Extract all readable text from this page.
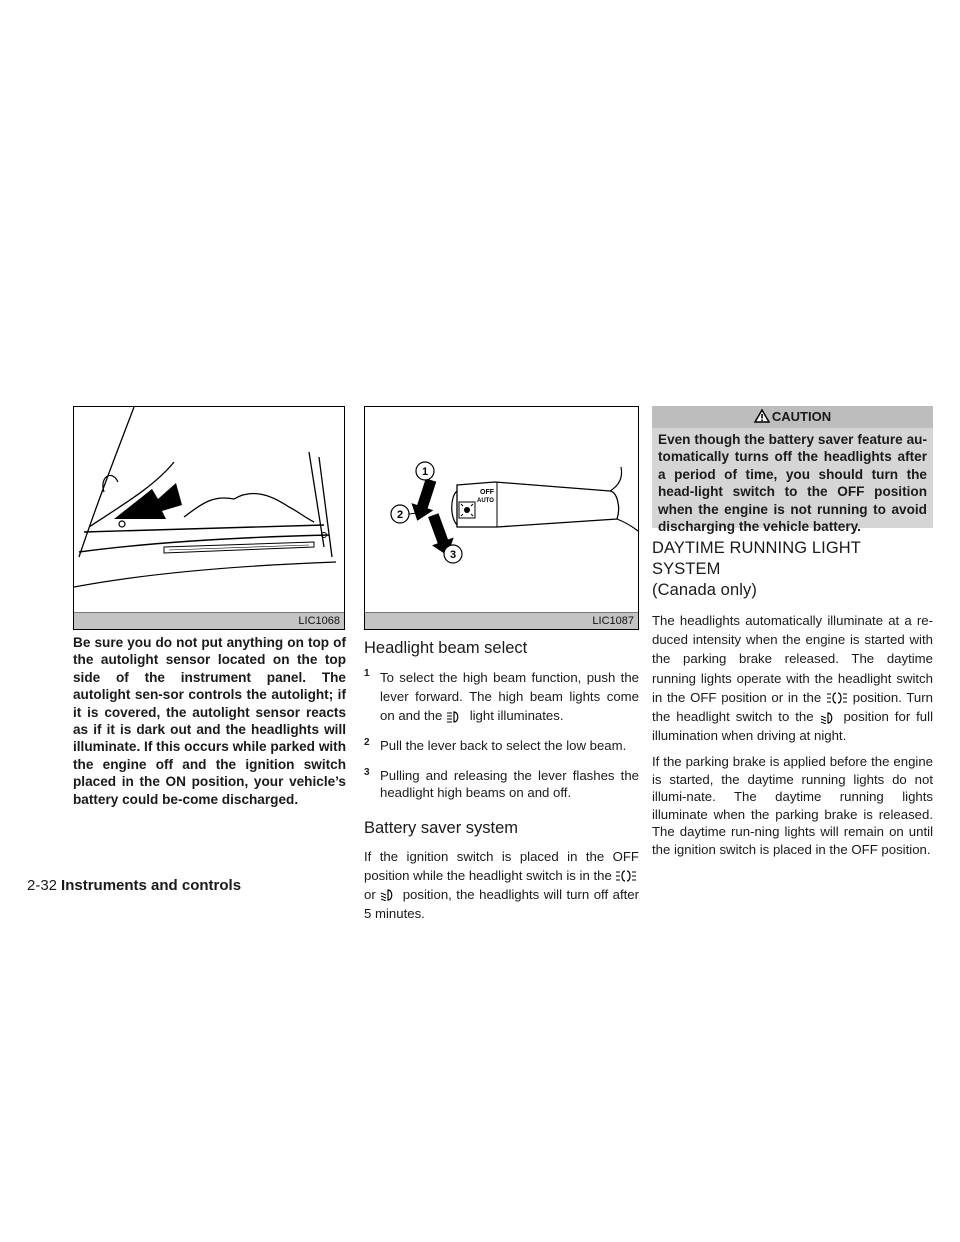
LIC1068
OFF
AUTO
1
2
3
LIC1087

Be sure you do not put anything on top of the autolight sensor located on the top side of the instrument panel. The autolight sen-sor controls the autolight; if it is covered, the autolight sensor reacts as if it is dark out and the headlights will illuminate. If this occurs while parked with the engine off and the ignition switch placed in the ON position, your vehicle’s battery could be-come discharged.

Headlight beam select
1 To select the high beam function, push the lever forward. The high beam lights come on and the light illuminates.
2 Pull the lever back to select the low beam.
3 Pulling and releasing the lever flashes the headlight high beams on and off.
Battery saver system

If the ignition switch is placed in the OFF position while the headlight switch is in the
or position, the headlights will turn off after 5 minutes.

CAUTION
Even though the battery saver feature au-tomatically turns off the headlights after a period of time, you should turn the head-light switch to the OFF position when the engine is not running to avoid discharging the vehicle battery.
DAYTIME RUNNING LIGHT SYSTEM
(Canada only)

The headlights automatically illuminate at a re-duced intensity when the engine is started with the parking brake released. The daytime running lights operate with the headlight switch in the OFF position or in the position. Turn the headlight switch to the position for full illumination when driving at night.

If the parking brake is applied before the engine is started, the daytime running lights do not illumi-nate. The daytime running lights illuminate when the parking brake is released. The daytime run-ning lights will remain on until the ignition switch is placed in the OFF position.

2-32 Instruments and controls
